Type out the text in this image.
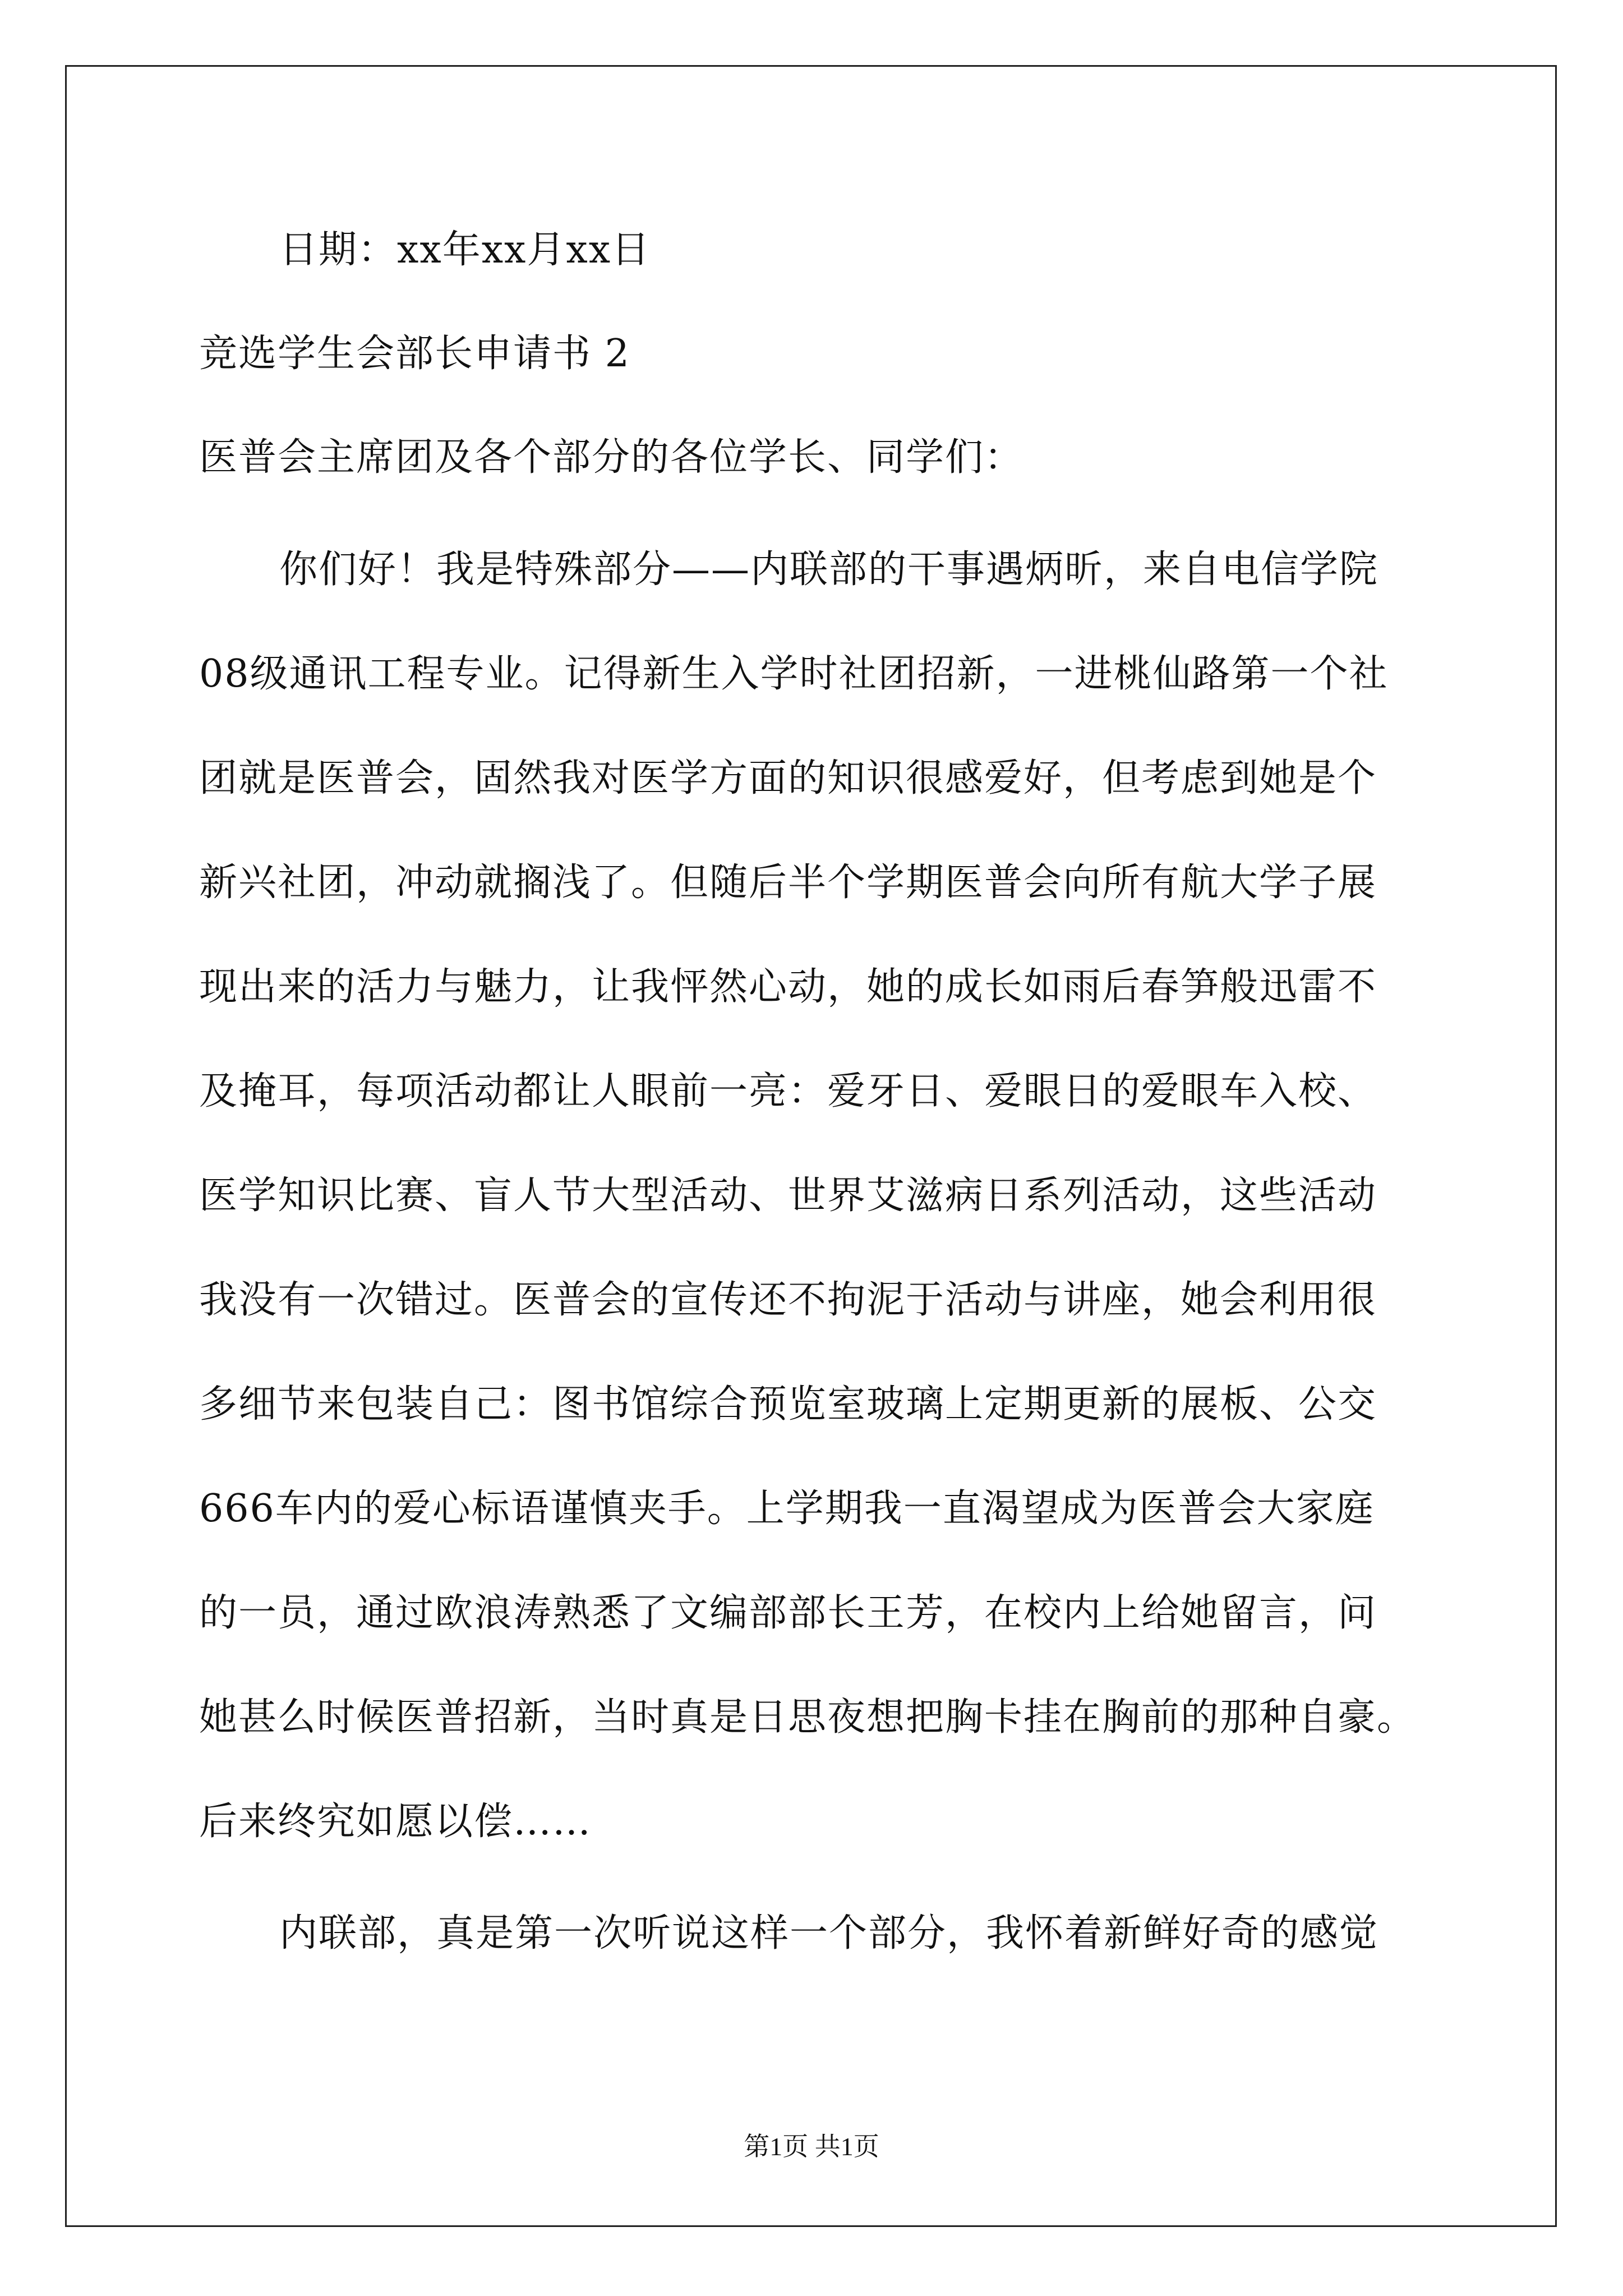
日期：xx年xx月xx日
竞选学生会部长申请书 2
医普会主席团及各个部分的各位学长、同学们：
你们好！我是特殊部分——内联部的干事遇炳昕，来自电信学院
08级通讯工程专业。记得新生入学时社团招新，一进桃仙路第一个社
团就是医普会，固然我对医学方面的知识很感爱好，但考虑到她是个
新兴社团，冲动就搁浅了。但随后半个学期医普会向所有航大学子展
现出来的活力与魅力，让我怦然心动，她的成长如雨后春笋般迅雷不
及掩耳，每项活动都让人眼前一亮：爱牙日、爱眼日的爱眼车入校、
医学知识比赛、盲人节大型活动、世界艾滋病日系列活动，这些活动
我没有一次错过。医普会的宣传还不拘泥于活动与讲座，她会利用很
多细节来包装自己：图书馆综合预览室玻璃上定期更新的展板、公交
666车内的爱心标语谨慎夹手。上学期我一直渴望成为医普会大家庭
的一员，通过欧浪涛熟悉了文编部部长王芳，在校内上给她留言，问
她甚么时候医普招新，当时真是日思夜想把胸卡挂在胸前的那种自豪。
后来终究如愿以偿……
内联部，真是第一次听说这样一个部分，我怀着新鲜好奇的感觉
第1页 共1页
